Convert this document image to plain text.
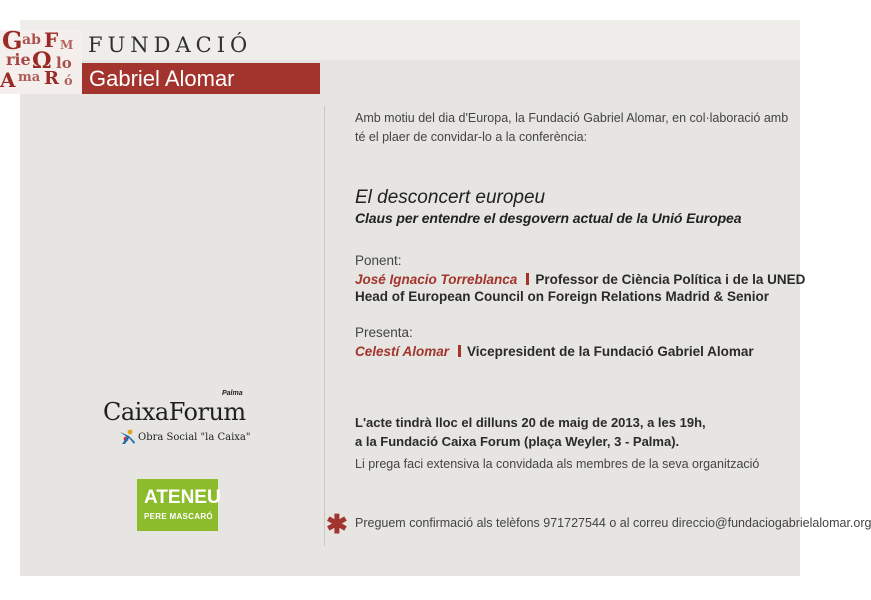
G ab F M
rie Ω lo
A ma R ó
FUNDACIÓ
Gabriel Alomar
Amb motiu del dia d'Europa, la Fundació Gabriel Alomar, en col·laboració amb
té el plaer de convidar-lo a la conferència:
El desconcert europeu
Claus per entendre el desgovern actual de la Unió Europea
Ponent:
José Ignacio Torreblanca Professor de Ciència Política i de la UNED
Head of European Council on Foreign Relations Madrid & Senior
Presenta:
Celestí Alomar Vicepresident de la Fundació Gabriel Alomar
L'acte tindrà lloc el dilluns 20 de maig de 2013, a les 19h,
a la Fundació Caixa Forum (plaça Weyler, 3 - Palma).
Li prega faci extensiva la convidada als membres de la seva organització
✱ Preguem confirmació als telèfons 971727544 o al correu direccio@fundaciogabrielalomar.org
CaixaForum
Palma
Obra Social "la Caixa"
ATENEU
PERE MASCARÓ
